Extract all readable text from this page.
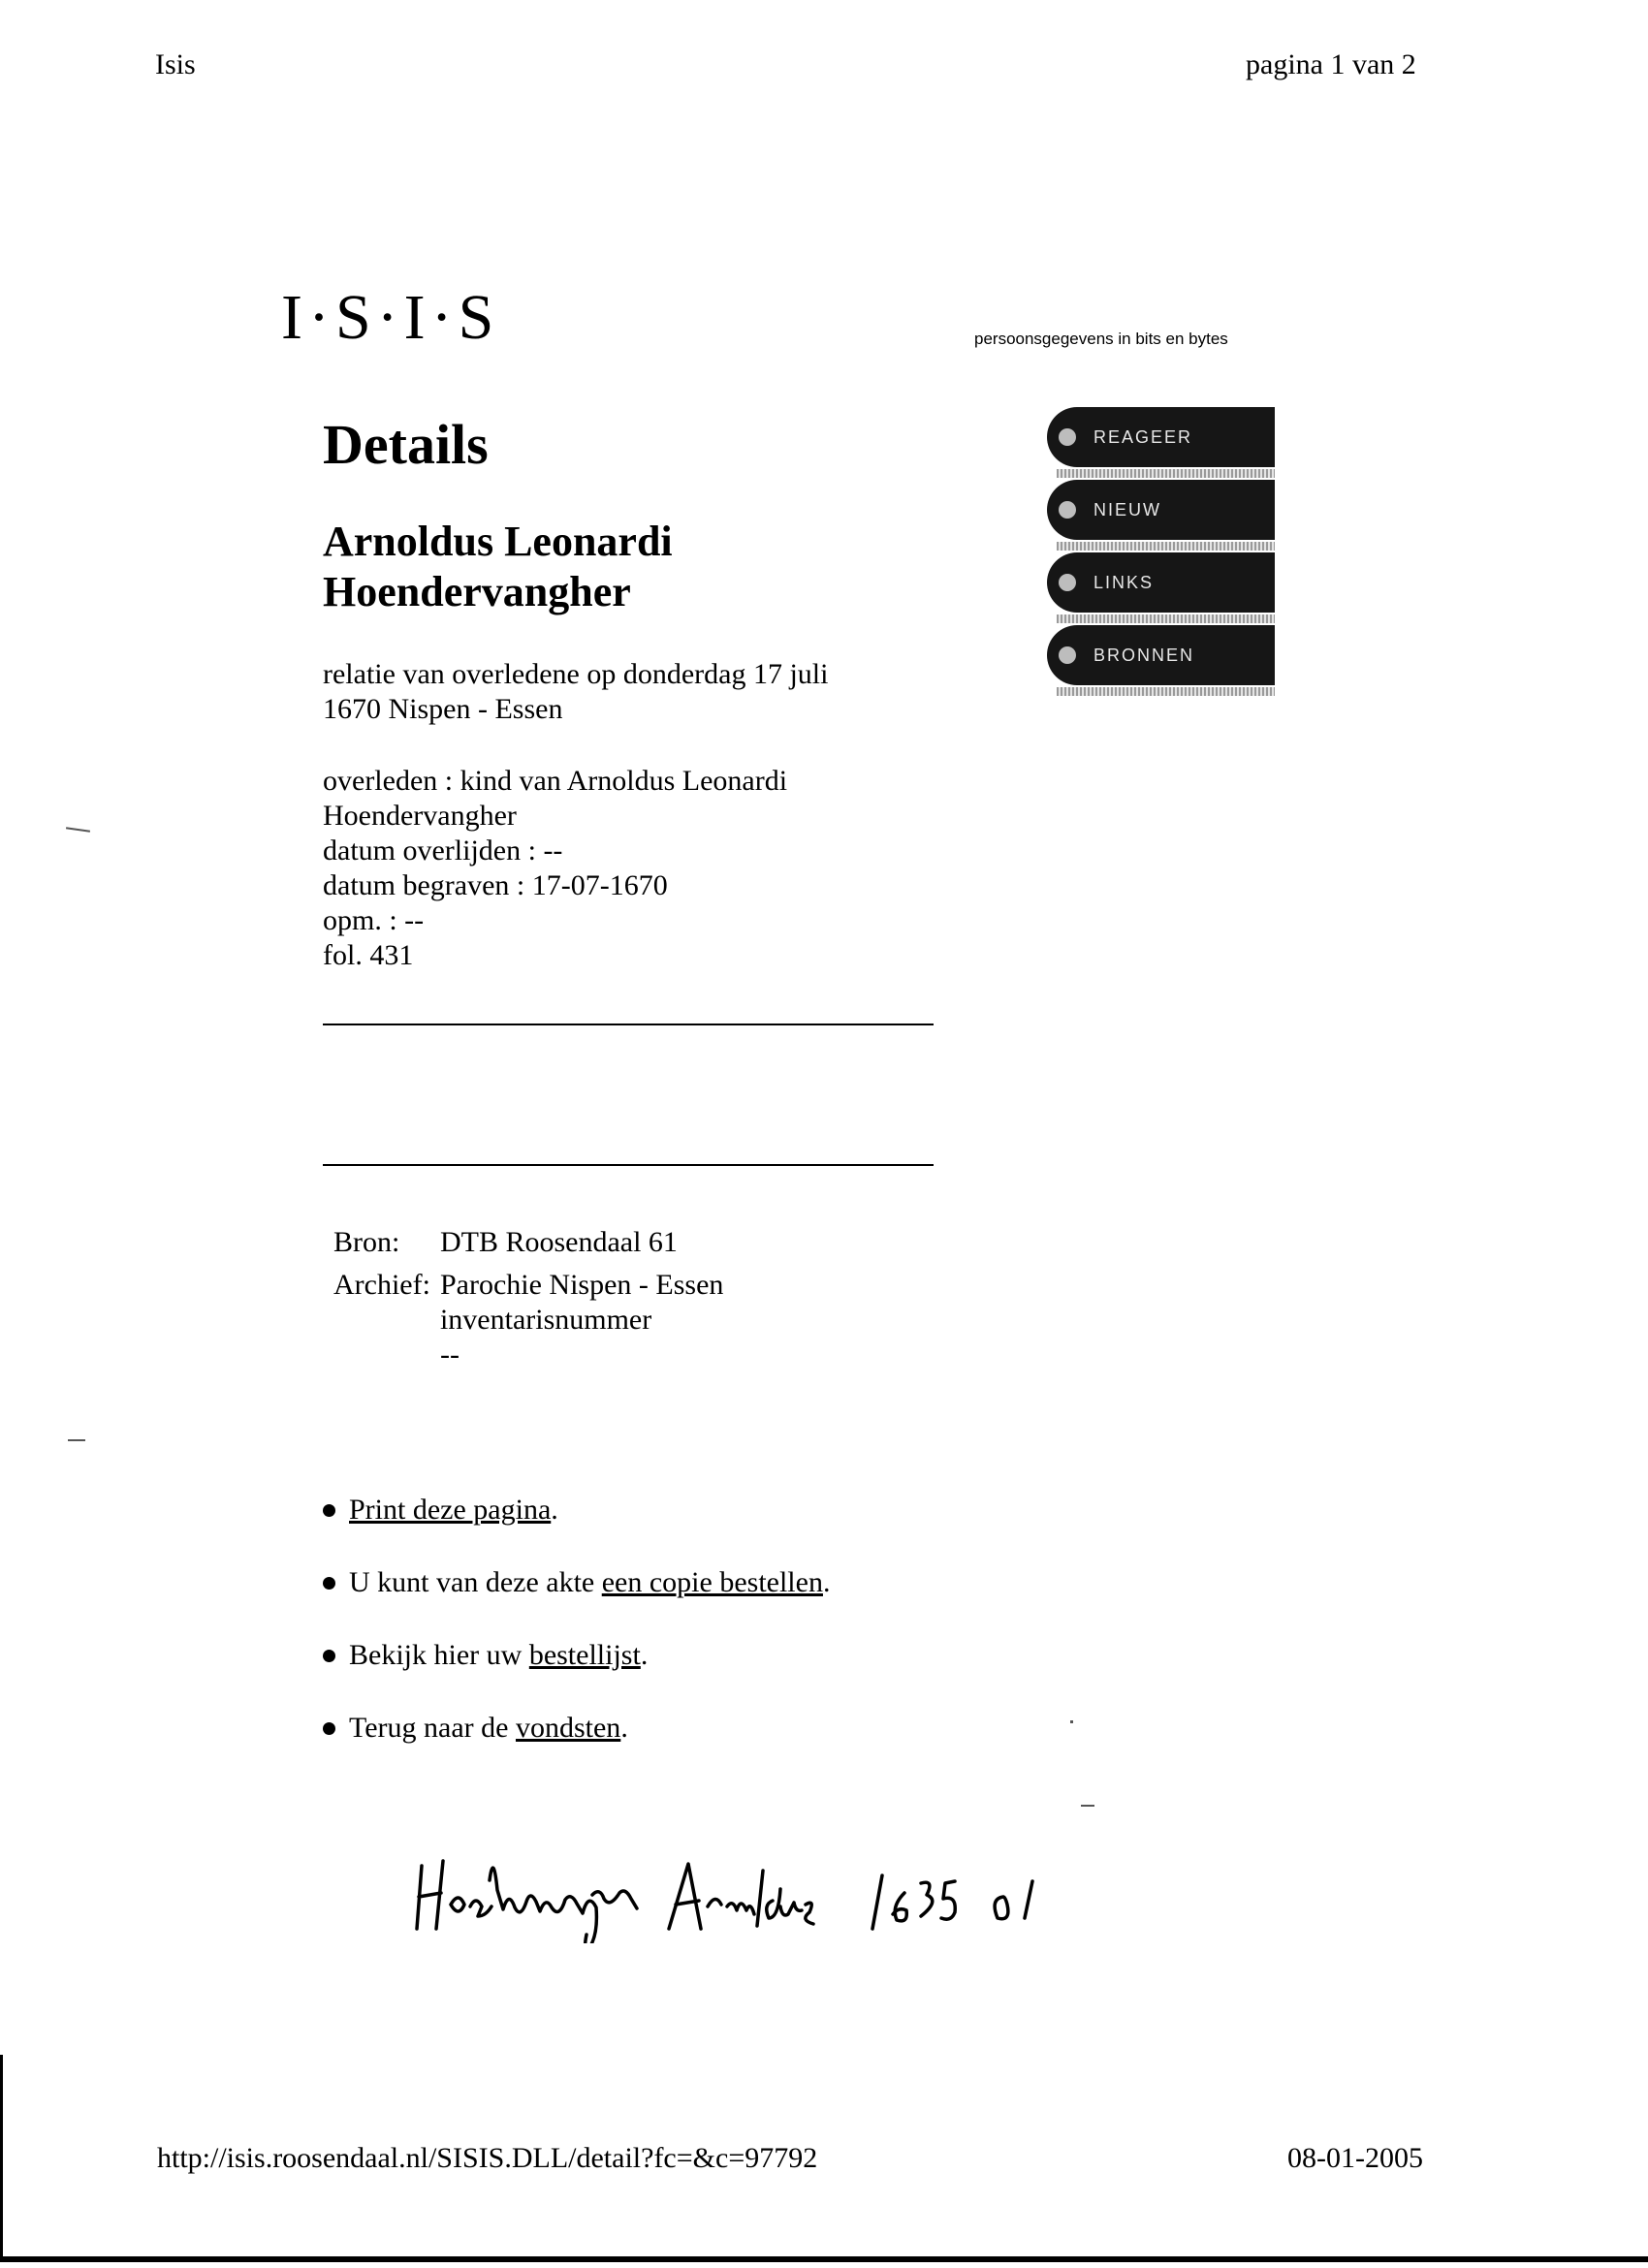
Isis	pagina 1 van 2
I·S·I·S	persoonsgegevens in bits en bytes
REAGEER
NIEUW
LINKS
BRONNEN
Details
Arnoldus Leonardi
Hoendervangher
relatie van overledene op donderdag 17 juli
1670 Nispen - Essen
overleden : kind van Arnoldus Leonardi
Hoendervangher
datum overlijden : --
datum begraven : 17-07-1670
opm. : --
fol. 431
Bron:	DTB Roosendaal 61
Archief:	Parochie Nispen - Essen
inventarisnummer
--
Print deze pagina .
U kunt van deze akte een copie bestellen .
Bekijk hier uw bestellijst .
Terug naar de vondsten .
http://isis.roosendaal.nl/SISIS.DLL/detail?fc=&c=97792	08-01-2005
